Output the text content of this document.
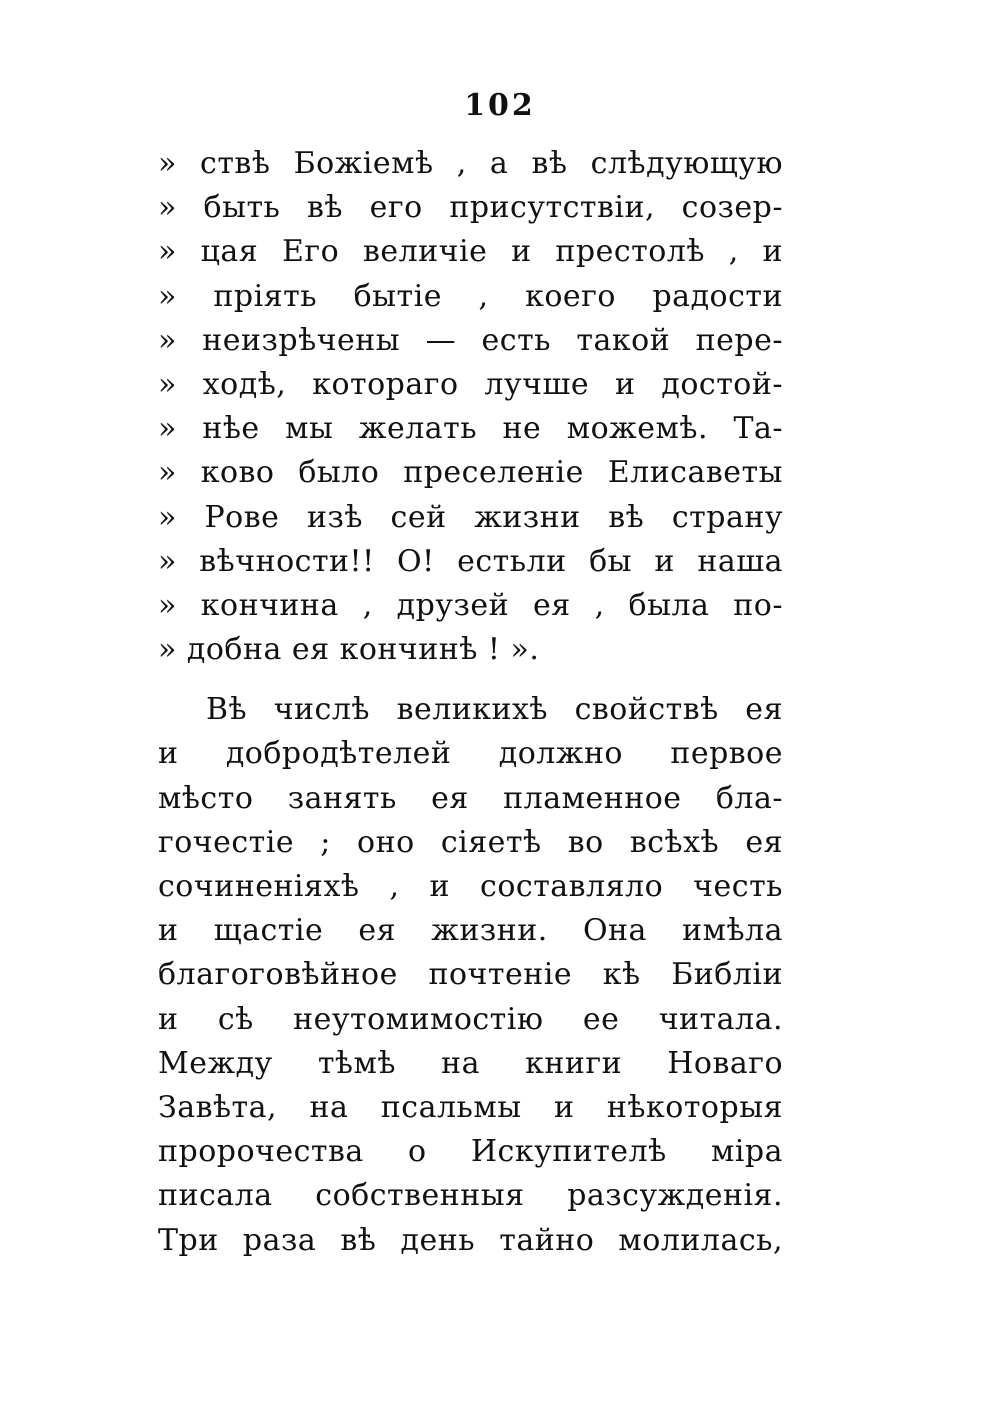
102
» ствѣ Божіемѣ , а вѣ слѣдующую
» быть вѣ его присутствіи, созер-
» цая Его величіе и престолѣ , и
» пріять бытіе , коего радости
» неизрѣчены — есть такой пере-
» ходѣ, котораго лучше и достой-
» нѣе мы желать не можемѣ. Та-
» ково было преселеніе Елисаветы
» Рове изѣ сей жизни вѣ страну
» вѣчности!! О! естьли бы и наша
» кончина , друзей ея , была по-
» добна ея кончинѣ ! ».
Вѣ числѣ великихѣ свойствѣ ея
и добродѣтелей должно первое
мѣсто занять ея пламенное бла-
гочестіе ; оно сіяетѣ во всѣхѣ ея
сочиненіяхѣ , и составляло честь
и щастіе ея жизни. Она имѣла
благоговѣйное почтеніе кѣ Библіи
и сѣ неутомимостію ее читала.
Между тѣмѣ на книги Новаго
Завѣта, на псальмы и нѣкоторыя
пророчества о Искупителѣ міра
писала собственныя разсужденія.
Три раза вѣ день тайно молилась,
